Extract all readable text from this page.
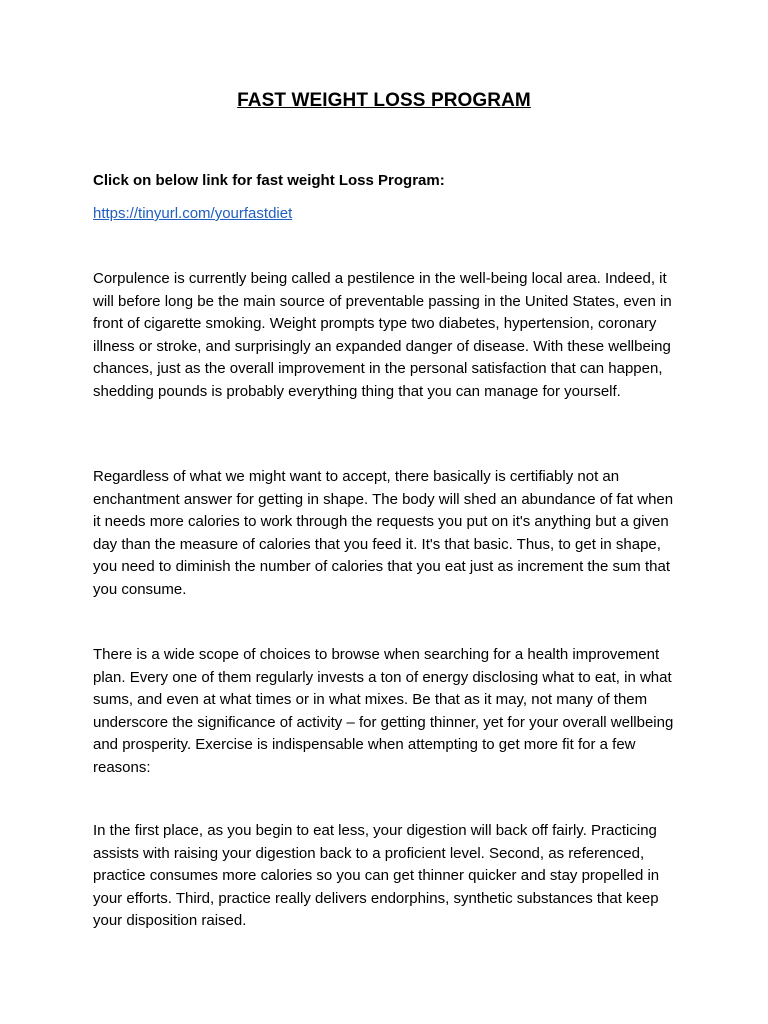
FAST WEIGHT LOSS PROGRAM
Click on below link for fast weight Loss Program:
https://tinyurl.com/yourfastdiet

Corpulence is currently being called a pestilence in the well-being local area. Indeed, it will before long be the main source of preventable passing in the United States, even in front of cigarette smoking. Weight prompts type two diabetes, hypertension, coronary illness or stroke, and surprisingly an expanded danger of disease. With these wellbeing chances, just as the overall improvement in the personal satisfaction that can happen, shedding pounds is probably everything thing that you can manage for yourself.

Regardless of what we might want to accept, there basically is certifiably not an enchantment answer for getting in shape. The body will shed an abundance of fat when it needs more calories to work through the requests you put on it's anything but a given day than the measure of calories that you feed it. It's that basic. Thus, to get in shape, you need to diminish the number of calories that you eat just as increment the sum that you consume.

There is a wide scope of choices to browse when searching for a health improvement plan. Every one of them regularly invests a ton of energy disclosing what to eat, in what sums, and even at what times or in what mixes. Be that as it may, not many of them underscore the significance of activity – for getting thinner, yet for your overall wellbeing and prosperity. Exercise is indispensable when attempting to get more fit for a few reasons:

In the first place, as you begin to eat less, your digestion will back off fairly. Practicing assists with raising your digestion back to a proficient level. Second, as referenced, practice consumes more calories so you can get thinner quicker and stay propelled in your efforts. Third, practice really delivers endorphins, synthetic substances that keep your disposition raised.
